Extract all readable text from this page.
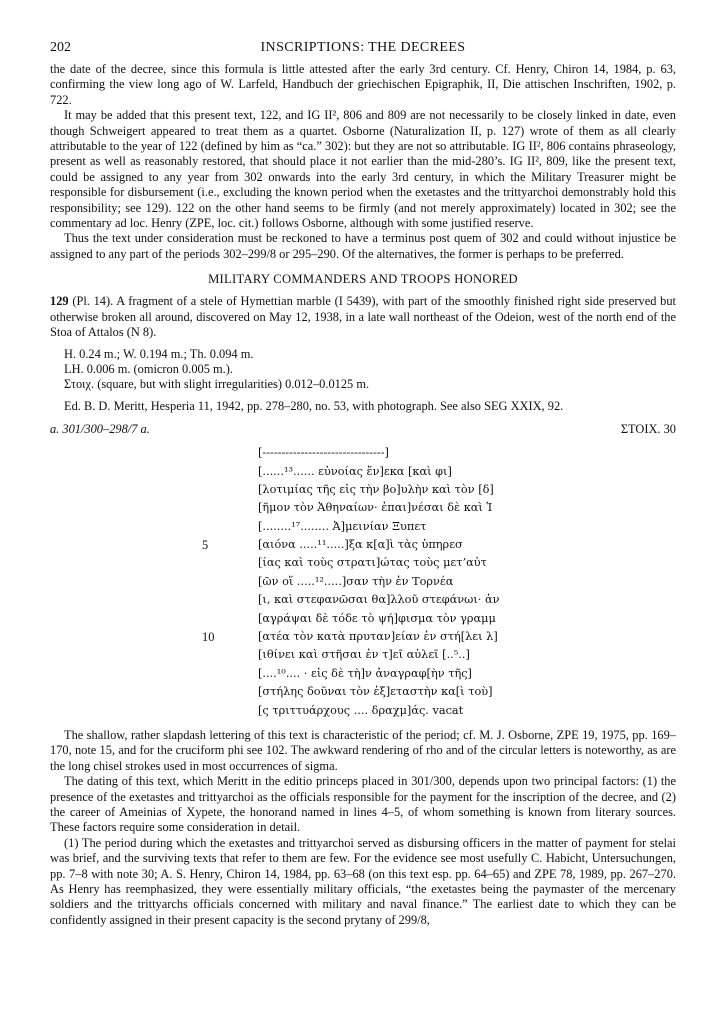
202	INSCRIPTIONS: THE DECREES

the date of the decree, since this formula is little attested after the early 3rd century. Cf. Henry, Chiron 14, 1984, p. 63, confirming the view long ago of W. Larfeld, Handbuch der griechischen Epigraphik, II, Die attischen Inschriften, 1902, p. 722.

It may be added that this present text, 122, and IG II², 806 and 809 are not necessarily to be closely linked in date, even though Schweigert appeared to treat them as a quartet. Osborne (Naturalization II, p. 127) wrote of them as all clearly attributable to the year of 122 (defined by him as “ca.” 302): but they are not so attributable. IG II², 806 contains phraseology, present as well as reasonably restored, that should place it not earlier than the mid-280’s. IG II², 809, like the present text, could be assigned to any year from 302 onwards into the early 3rd century, in which the Military Treasurer might be responsible for disbursement (i.e., excluding the known period when the exetastes and the trittyarchoi demonstrably hold this responsibility; see 129). 122 on the other hand seems to be firmly (and not merely approximately) located in 302; see the commentary ad loc. Henry (ZPE, loc. cit.) follows Osborne, although with some justified reserve.

Thus the text under consideration must be reckoned to have a terminus post quem of 302 and could without injustice be assigned to any part of the periods 302–299/8 or 295–290. Of the alternatives, the former is perhaps to be preferred.

MILITARY COMMANDERS AND TROOPS HONORED

129 (Pl. 14). A fragment of a stele of Hymettian marble (I 5439), with part of the smoothly finished right side preserved but otherwise broken all around, discovered on May 12, 1938, in a late wall northeast of the Odeion, west of the north end of the Stoa of Attalos (N 8).

H. 0.24 m.; W. 0.194 m.; Th. 0.094 m.
LH. 0.006 m. (omicron 0.005 m.).
Στοιχ. (square, but with slight irregularities) 0.012–0.0125 m.
Ed. B. D. Meritt, Hesperia 11, 1942, pp. 278–280, no. 53, with photograph. See also SEG XXIX, 92.
a. 301/300–298/7 a.	ΣΤΟΙΧ. 30
[--------------------------------]
[......¹³...... εὐνοίας ἕν]εκα [καὶ φι]
[λοτιμίας τῆς εἰς τὴν βο]υλὴν καὶ τὸν [δ]
[ῆμον τὸν Ἀθηναίων· ἐπαι]νέσαι δὲ καὶ Ἱ
[........¹⁷........ Ἀ]μεινίαν Ξυπετ
5	[αιόνα .....¹¹.....]ξα κ[α]ὶ τὰς ὑπηρεσ
[ίας καὶ τοὺς στρατι]ώτας τοὺς μετ’αὐτ
[ῶν οἵ .....¹².....]σαν τὴν ἐν Τορνέα
[ι, καὶ στεφανῶσαι θα]λλοῦ στεφάνωι· ἀν
[αγράψαι δὲ τόδε τὸ ψή]φισμα τὸν γραμμ
10	[ατέα τὸν κατὰ πρυταν]είαν ἐν στή[λει λ]
[ιθίνει καὶ στῆσαι ἐν τ]εῖ αὐλεῖ [..⁵..]
[....¹⁰.... · εἰς δὲ τὴ]ν ἀναγραφ[ὴν τῆς]
[στήλης δοῦναι τὸν ἐξ]εταστὴν κα[ὶ τοὺ]
[ς τριττυάρχους .... δραχμ]άς. vacat

The shallow, rather slapdash lettering of this text is characteristic of the period; cf. M. J. Osborne, ZPE 19, 1975, pp. 169–170, note 15, and for the cruciform phi see 102. The awkward rendering of rho and of the circular letters is noteworthy, as are the long chisel strokes used in most occurrences of sigma.

The dating of this text, which Meritt in the editio princeps placed in 301/300, depends upon two principal factors: (1) the presence of the exetastes and trittyarchoi as the officials responsible for the payment for the inscription of the decree, and (2) the career of Ameinias of Xypete, the honorand named in lines 4–5, of whom something is known from literary sources. These factors require some consideration in detail.

(1) The period during which the exetastes and trittyarchoi served as disbursing officers in the matter of payment for stelai was brief, and the surviving texts that refer to them are few. For the evidence see most usefully C. Habicht, Untersuchungen, pp. 7–8 with note 30; A. S. Henry, Chiron 14, 1984, pp. 63–68 (on this text esp. pp. 64–65) and ZPE 78, 1989, pp. 267–270. As Henry has reemphasized, they were essentially military officials, “the exetastes being the paymaster of the mercenary soldiers and the trittyarchs officials concerned with military and naval finance.” The earliest date to which they can be confidently assigned in their present capacity is the second prytany of 299/8,
